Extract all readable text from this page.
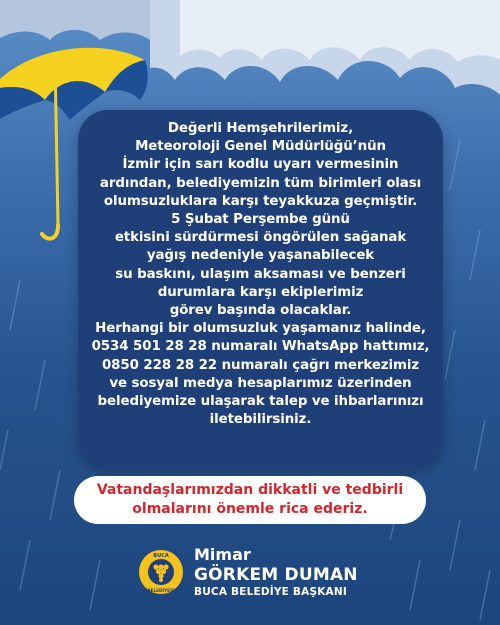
Değerli Hemşehrilerimiz,
Meteoroloji Genel Müdürlüğü’nün
İzmir için sarı kodlu uyarı vermesinin
ardından, belediyemizin tüm birimleri olası
olumsuzluklara karşı teyakkuza geçmiştir.
5 Şubat Perşembe günü
etkisini sürdürmesi öngörülen sağanak
yağış nedeniyle yaşanabilecek
su baskını, ulaşım aksaması ve benzeri
durumlara karşı ekiplerimiz
görev başında olacaklar.
Herhangi bir olumsuzluk yaşamanız halinde,
0534 501 28 28 numaralı WhatsApp hattımız,
0850 228 28 22 numaralı çağrı merkezimiz
ve sosyal medya hesaplarımız üzerinden
belediyemize ulaşarak talep ve ihbarlarınızı
iletebilirsiniz.

Vatandaşlarımızdan dikkatli ve tedbirli
olmalarını önemle rica ederiz.
BUCA
BELEDİYESİ
Mimar
GÖRKEM DUMAN
BUCA BELEDİYE BAŞKANI
